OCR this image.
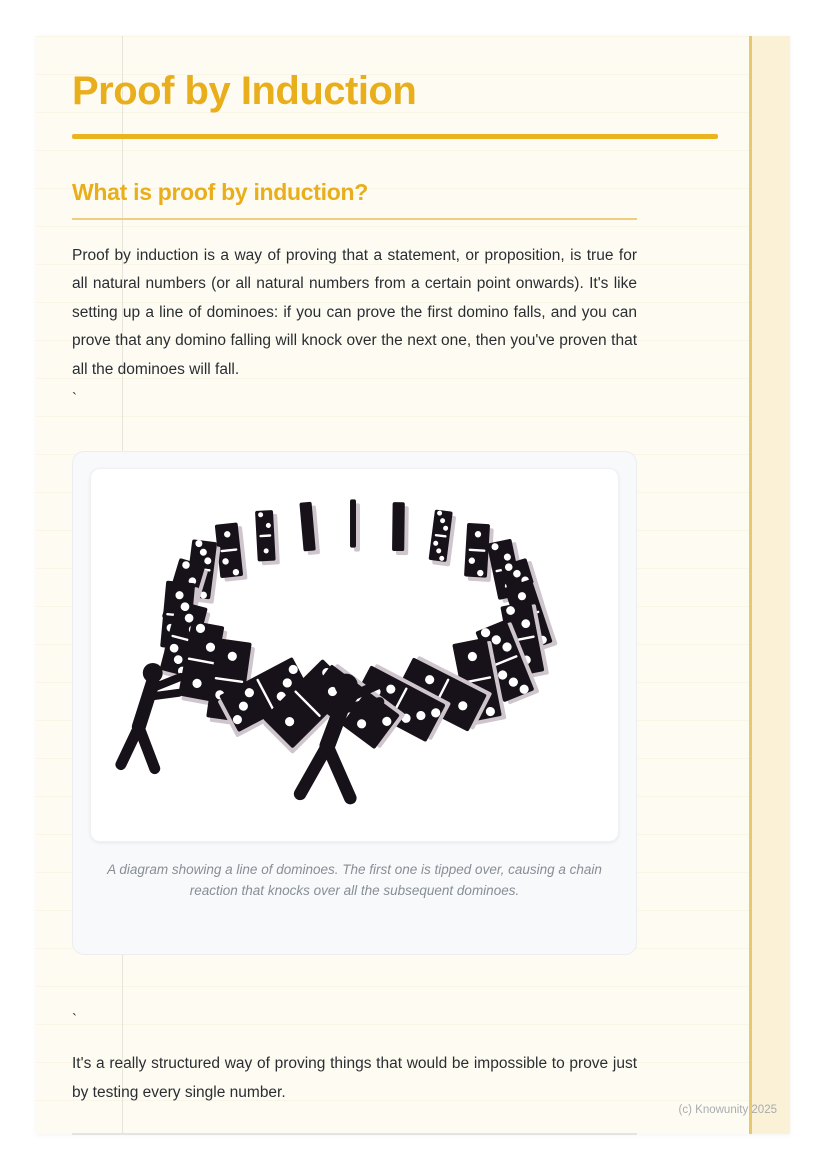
Proof by Induction
What is proof by induction?

Proof by induction is a way of proving that a statement, or proposition, is true for all natural numbers (or all natural numbers from a certain point onwards). It's like setting up a line of dominoes: if you can prove the first domino falls, and you can prove that any domino falling will knock over the next one, then you've proven that all the dominoes will fall.

`
A diagram showing a line of dominoes. The first one is tipped over, causing a chain reaction that knocks over all the subsequent dominoes.
`

It's a really structured way of proving things that would be impossible to prove just by testing every single number.

(c) Knowunity 2025
